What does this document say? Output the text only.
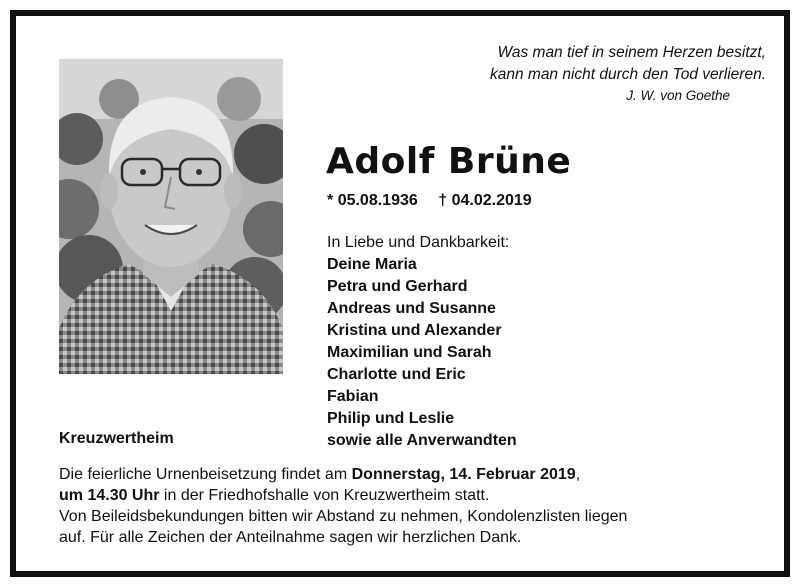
Was man tief in seinem Herzen besitzt,
kann man nicht durch den Tod verlieren.
J. W. von Goethe
Adolf Brüne
* 05.08.1936 † 04.02.2019
In Liebe und Dankbarkeit:
Deine Maria
Petra und Gerhard
Andreas und Susanne
Kristina und Alexander
Maximilian und Sarah
Charlotte und Eric
Fabian
Philip und Leslie
sowie alle Anverwandten
Kreuzwertheim
Die feierliche Urnenbeisetzung findet am Donnerstag, 14. Februar 2019,
um 14.30 Uhr in der Friedhofshalle von Kreuzwertheim statt.
Von Beileidsbekundungen bitten wir Abstand zu nehmen, Kondolenzlisten liegen
auf. Für alle Zeichen der Anteilnahme sagen wir herzlichen Dank.
